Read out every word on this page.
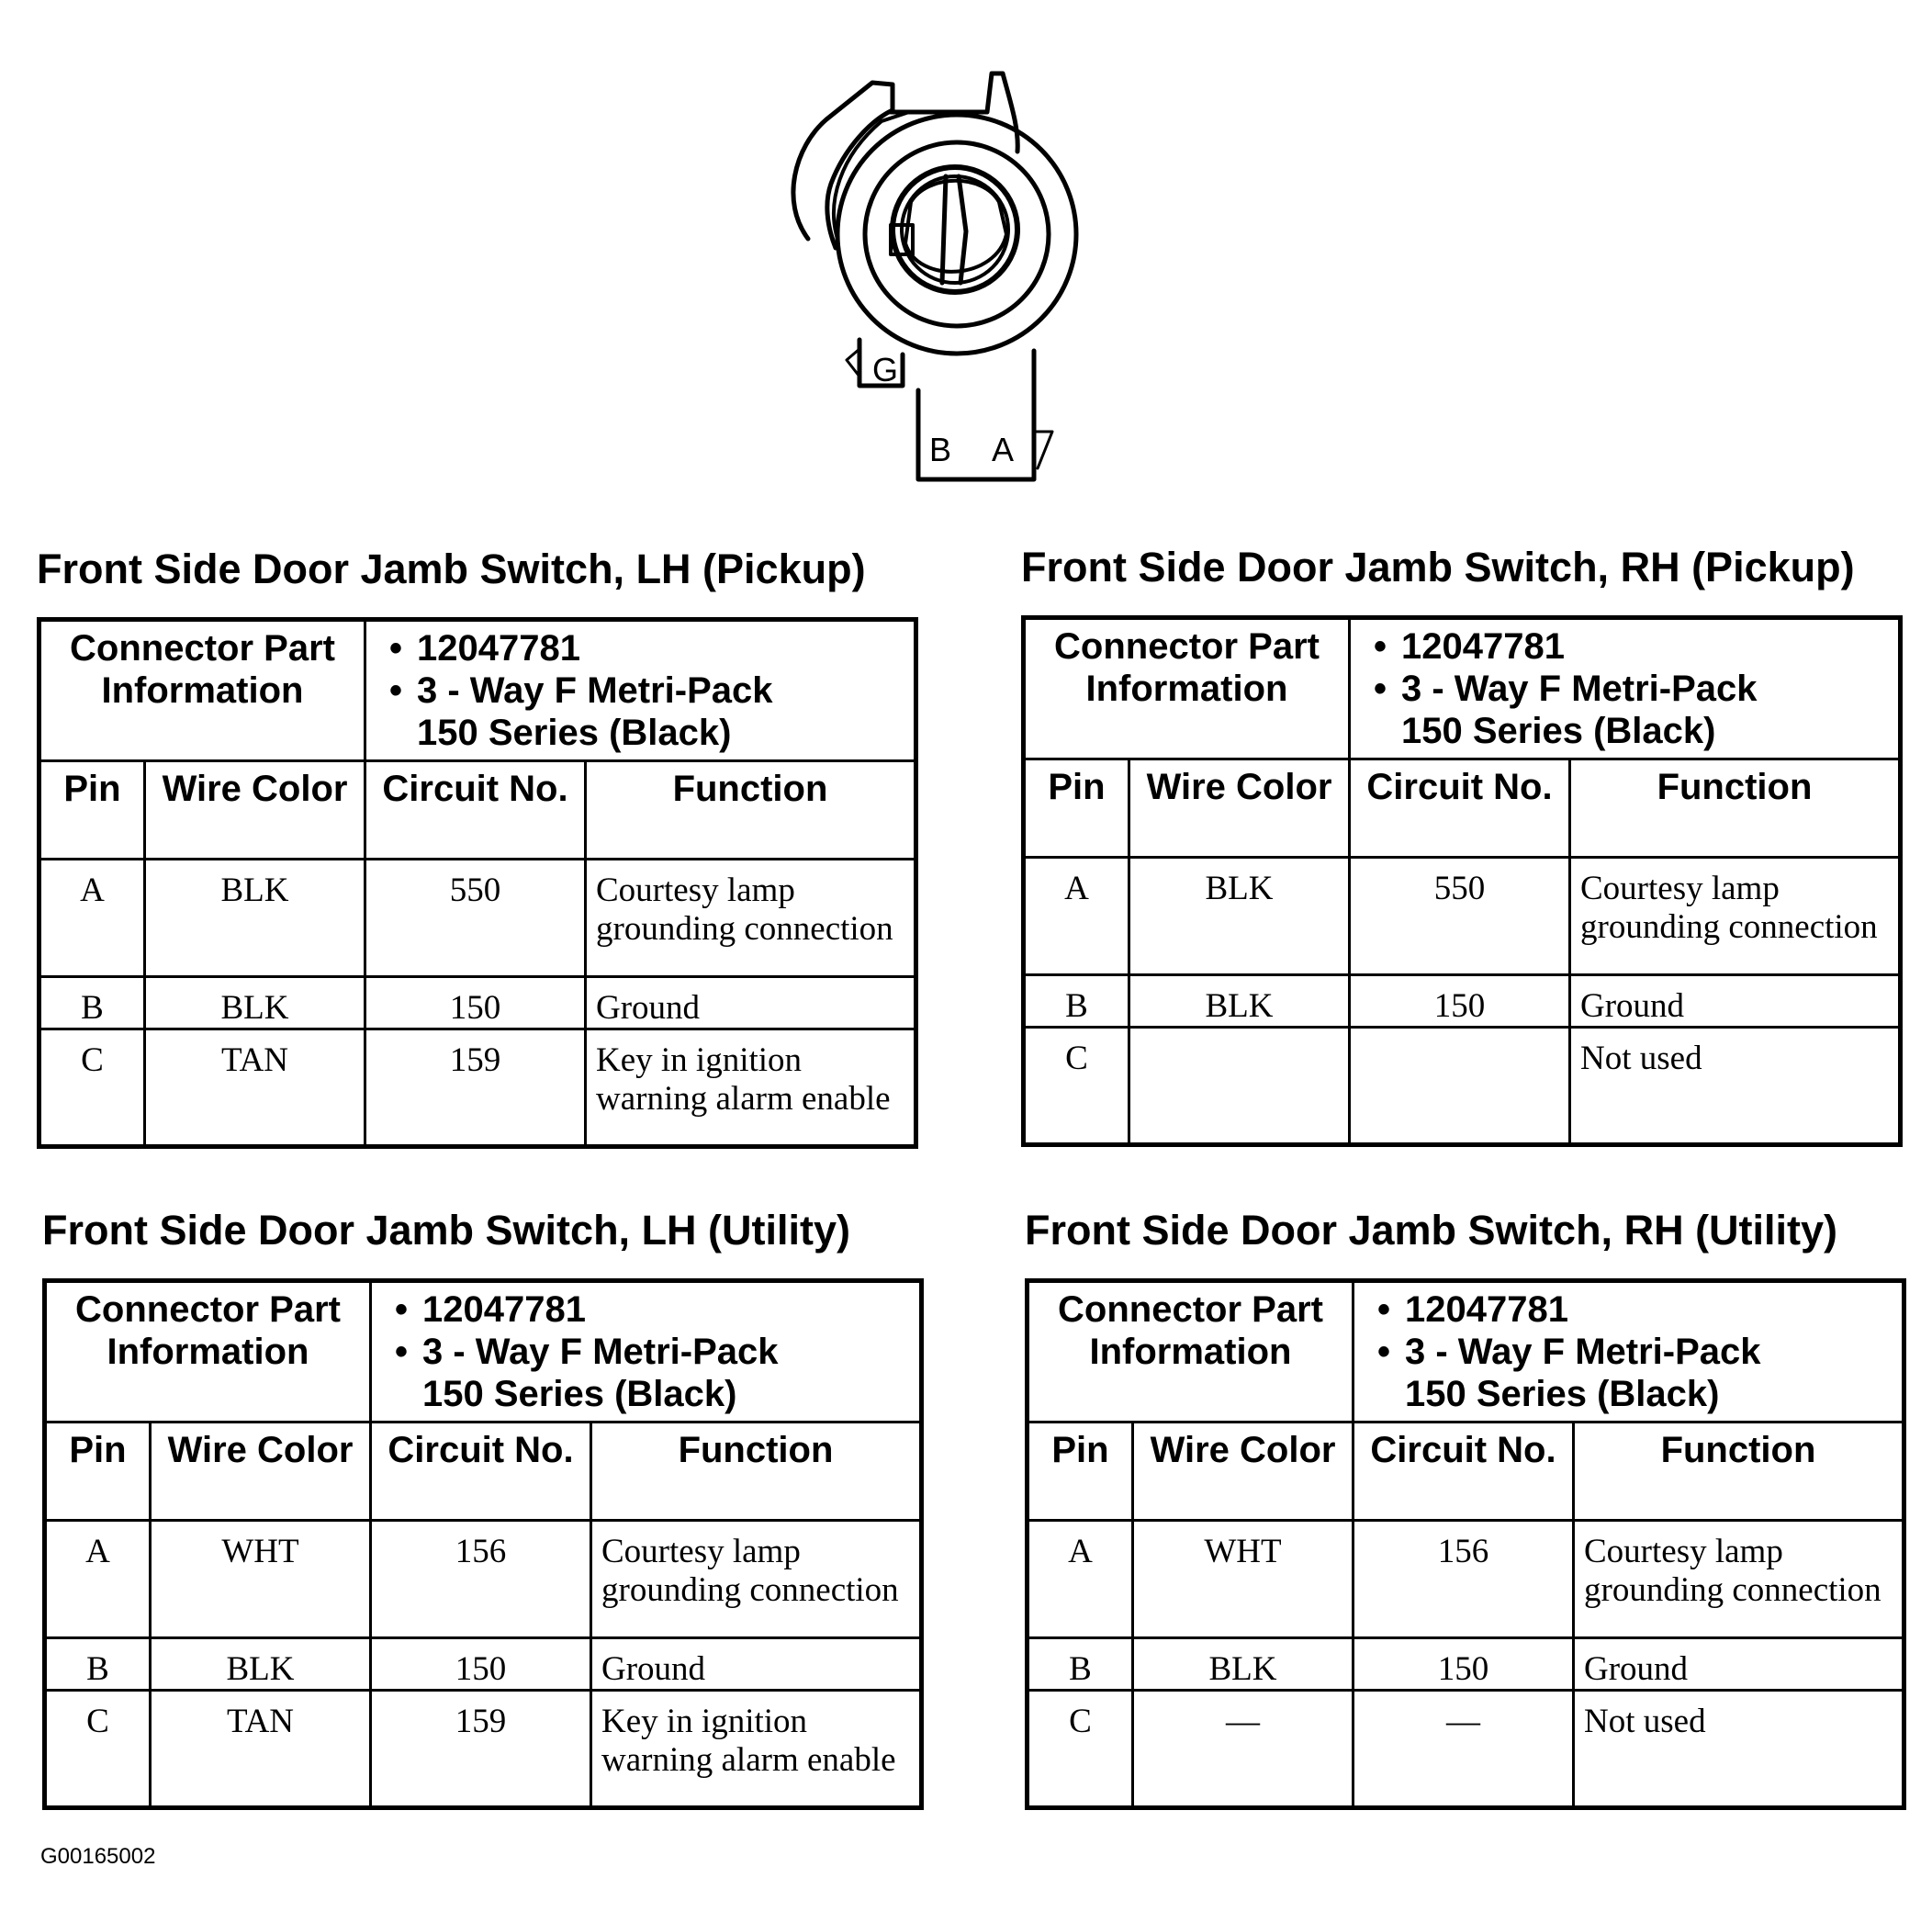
G
B A
Front Side Door Jamb Switch, LH (Pickup)
Connector Part Information		• 12047781
• 3 - Way F Metri-Pack
150 Series (Black)

Pin	Wire Color	Circuit No.	Function
A	BLK	550	Courtesy lamp grounding connection
B	BLK	150	Ground
C	TAN	159	Key in ignition warning alarm enable
Front Side Door Jamb Switch, RH (Pickup)
Connector Part Information		• 12047781
• 3 - Way F Metri-Pack
150 Series (Black)

Pin	Wire Color	Circuit No.	Function
A	BLK	550	Courtesy lamp grounding connection
B	BLK	150	Ground
C			Not used
Front Side Door Jamb Switch, LH (Utility)
Connector Part Information		• 12047781
• 3 - Way F Metri-Pack
150 Series (Black)

Pin	Wire Color	Circuit No.	Function
A	WHT	156	Courtesy lamp grounding connection
B	BLK	150	Ground
C	TAN	159	Key in ignition warning alarm enable
Front Side Door Jamb Switch, RH (Utility)
Connector Part Information		• 12047781
• 3 - Way F Metri-Pack
150 Series (Black)

Pin	Wire Color	Circuit No.	Function
A	WHT	156	Courtesy lamp grounding connection
B	BLK	150	Ground
C	—	—	Not used
G00165002
